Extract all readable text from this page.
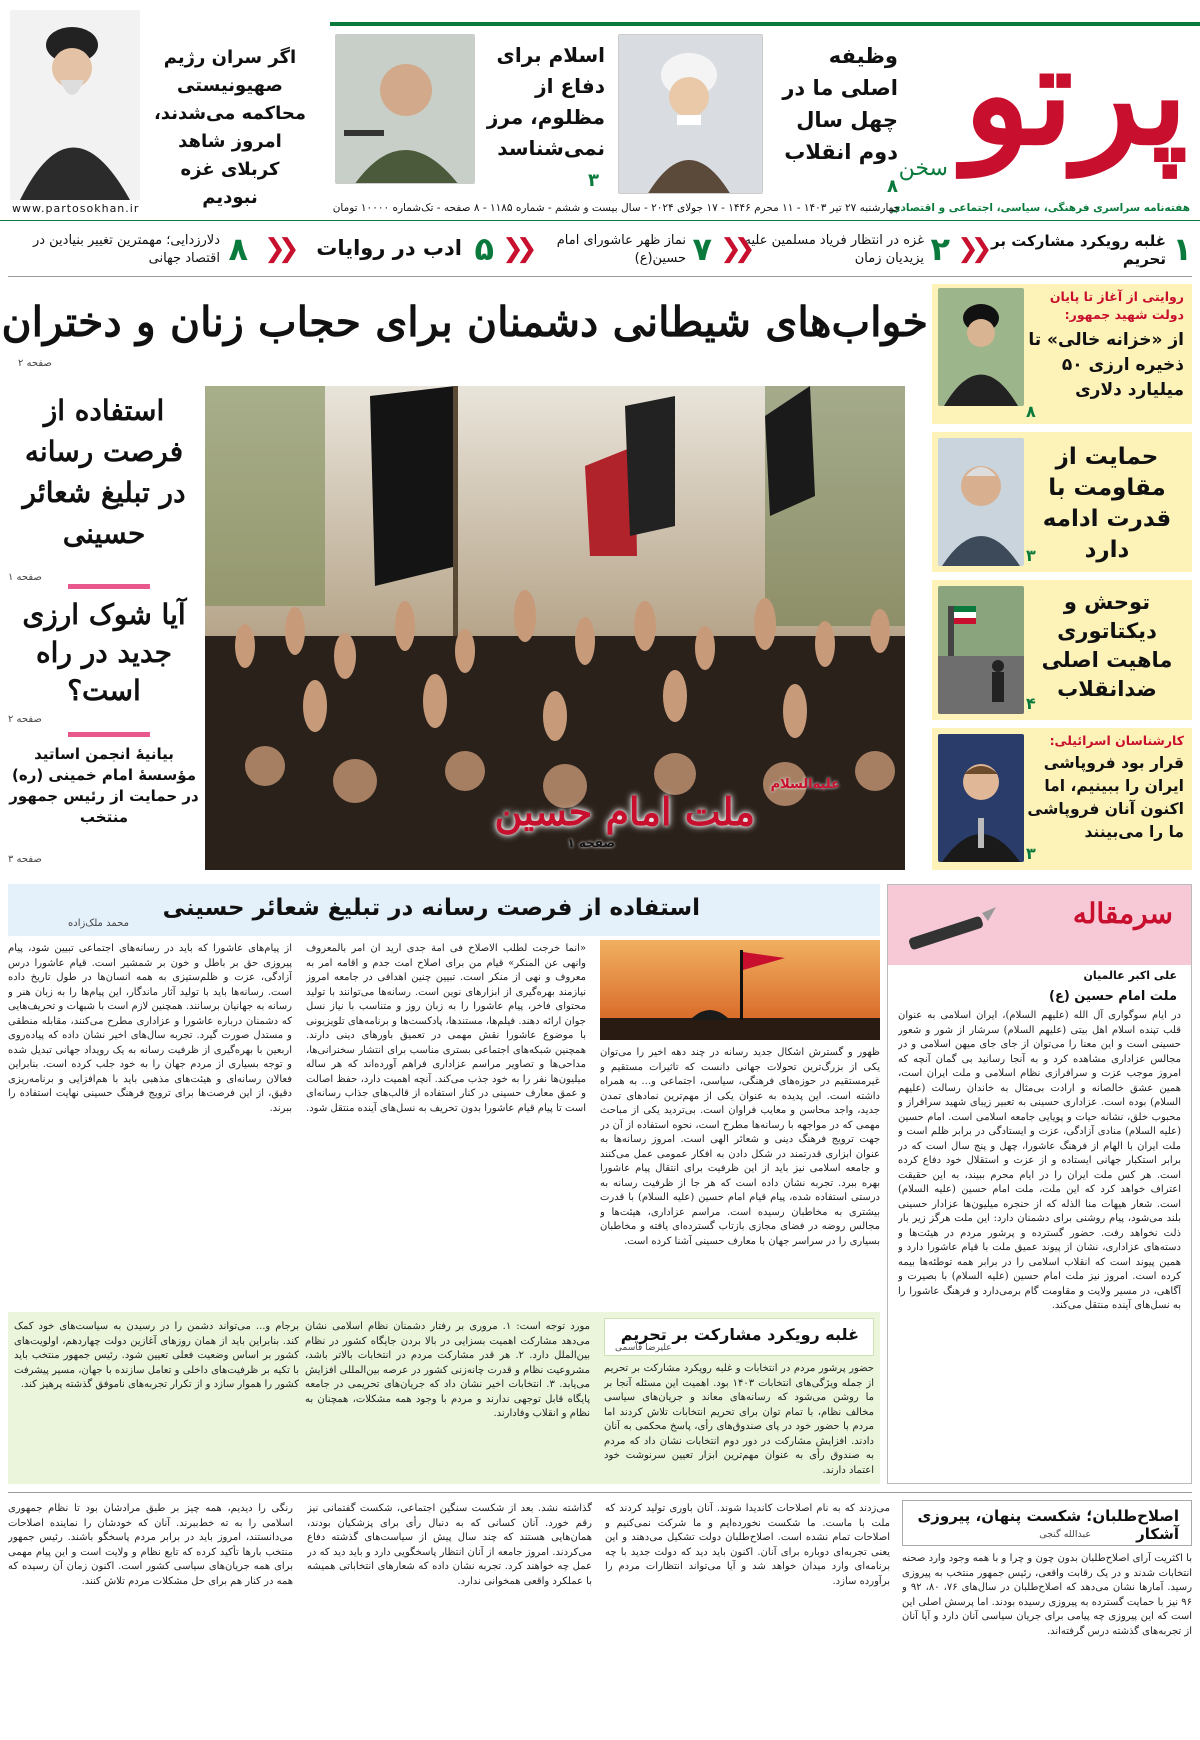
پرتو
سخن
وظیفه اصلی ما در چهل سال دوم انقلاب
۸
اسلام برای دفاع از مظلوم، مرز نمی‌شناسد
۳
اگر سران رژیم صهیونیستی محاکمه می‌شدند، امروز شاهد کربلای غزه نبودیم	هفته‌نامه سراسری فرهنگی، سیاسی، اجتماعی و اقتصادی
چهارشنبه ۲۷ تیر ۱۴۰۳ - ۱۱ محرم ۱۴۴۶ - ۱۷ جولای ۲۰۲۴ - سال بیست و ششم - شماره ۱۱۸۵ - ۸ صفحه - تک‌شماره ۱۰۰۰۰ تومان
www.partosokhan.ir
۱
غلبه رویکرد مشارکت بر تحریم
❮❮
۲
غزه در انتظار فریاد مسلمین علیه یزیدیان زمان
❮❮
۷
نماز ظهر عاشورای امام حسین(ع)
❮❮
۵
ادب در روایات
❮❮
۸
دلارزدایی؛ مهمترین تغییر بنیادین در اقتصاد جهانی
روایتی از آغاز تا پایان دولت شهید جمهور:
از «خزانه خالی» تا ذخیره ارزی ۵۰ میلیارد دلاری
۸
حمایت از مقاومت با قدرت ادامه دارد
۳
توحش و دیکتاتوری ماهیت اصلی ضدانقلاب
۴
کارشناسان اسرائیلی:
قرار بود فروپاشی ایران را ببینیم، اما اکنون آنان فروپاشی ما را می‌بینند
۳
خواب‌های شیطانی دشمنان برای حجاب زنان و دختران
صفحه ۲
ملت امام حسین
علیه‌السلام
صفحه ۱
استفاده از فرصت رسانه در تبلیغ شعائر حسینی
صفحه ۱
آیا شوک ارزی جدید در راه است؟
صفحه ۲
بیانیهٔ انجمن اساتید مؤسسهٔ امام خمینی (ره) در حمایت از رئیس جمهور منتخب
صفحه ۳
سرمقاله
علی اکبر عالمیان
ملت امام حسین (ع)
در ایام سوگواری آل الله (علیهم السلام)، ایران اسلامی به عنوان قلب تپنده اسلام اهل بیتی (علیهم السلام) سرشار از شور و شعور حسینی است و این معنا را می‌توان از جای جای میهن اسلامی و در مجالس عزاداری مشاهده کرد و به آنجا رسانید بی گمان آنچه که امروز موجب عزت و سرافرازی نظام اسلامی و ملت ایران است، همین عشق خالصانه و ارادت بی‌مثال به خاندان رسالت (علیهم السلام) بوده است. عزاداری حسینی به تعبیر زیبای شهید سرافراز و محبوب خلق، نشانه حیات و پویایی جامعه اسلامی است. امام حسین (علیه السلام) منادی آزادگی، عزت و ایستادگی در برابر ظلم است و ملت ایران با الهام از فرهنگ عاشورا، چهل و پنج سال است که در برابر استکبار جهانی ایستاده و از عزت و استقلال خود دفاع کرده است. هر کس ملت ایران را در ایام محرم ببیند، به این حقیقت اعتراف خواهد کرد که این ملت، ملت امام حسین (علیه السلام) است. شعار هیهات منا الذله که از حنجره میلیون‌ها عزادار حسینی بلند می‌شود، پیام روشنی برای دشمنان دارد: این ملت هرگز زیر بار ذلت نخواهد رفت. حضور گسترده و پرشور مردم در هیئت‌ها و دسته‌های عزاداری، نشان از پیوند عمیق ملت با قیام عاشورا دارد و همین پیوند است که انقلاب اسلامی را در برابر همه توطئه‌ها بیمه کرده است. امروز نیز ملت امام حسین (علیه السلام) با بصیرت و آگاهی، در مسیر ولایت و مقاومت گام برمی‌دارد و فرهنگ عاشورا را به نسل‌های آینده منتقل می‌کند.
استفاده از فرصت رسانه در تبلیغ شعائر حسینی
محمد ملک‌زاده
ظهور و گسترش اشکال جدید رسانه در چند دهه اخیر را می‌توان یکی از بزرگ‌ترین تحولات جهانی دانست که تاثیرات مستقیم و غیرمستقیم در حوزه‌های فرهنگی، سیاسی، اجتماعی و... به همراه داشته است. این پدیده به عنوان یکی از مهم‌ترین نمادهای تمدن جدید، واجد محاسن و معایب فراوان است. بی‌تردید یکی از مباحث مهمی که در مواجهه با رسانه‌ها مطرح است، نحوه استفاده از آن در جهت ترویج فرهنگ دینی و شعائر الهی است. امروز رسانه‌ها به عنوان ابزاری قدرتمند در شکل دادن به افکار عمومی عمل می‌کنند و جامعه اسلامی نیز باید از این ظرفیت برای انتقال پیام عاشورا بهره ببرد. تجربه نشان داده است که هر جا از ظرفیت رسانه به درستی استفاده شده، پیام قیام امام حسین (علیه السلام) با قدرت بیشتری به مخاطبان رسیده است. مراسم عزاداری، هیئت‌ها و مجالس روضه در فضای مجازی بازتاب گسترده‌ای یافته و مخاطبان بسیاری را در سراسر جهان با معارف حسینی آشنا کرده است.
«انما خرجت لطلب الاصلاح فی امة جدی ارید ان امر بالمعروف وانهی عن المنکر» قیام من برای اصلاح امت جدم و اقامه امر به معروف و نهی از منکر است. تبیین چنین اهدافی در جامعه امروز نیازمند بهره‌گیری از ابزارهای نوین است. رسانه‌ها می‌توانند با تولید محتوای فاخر، پیام عاشورا را به زبان روز و متناسب با نیاز نسل جوان ارائه دهند. فیلم‌ها، مستندها، پادکست‌ها و برنامه‌های تلویزیونی با موضوع عاشورا نقش مهمی در تعمیق باورهای دینی دارند. همچنین شبکه‌های اجتماعی بستری مناسب برای انتشار سخنرانی‌ها، مداحی‌ها و تصاویر مراسم عزاداری فراهم آورده‌اند که هر ساله میلیون‌ها نفر را به خود جذب می‌کند. آنچه اهمیت دارد، حفظ اصالت و عمق معارف حسینی در کنار استفاده از قالب‌های جذاب رسانه‌ای است تا پیام قیام عاشورا بدون تحریف به نسل‌های آینده منتقل شود.
از پیام‌های عاشورا که باید در رسانه‌های اجتماعی تبیین شود، پیام پیروزی حق بر باطل و خون بر شمشیر است. قیام عاشورا درس آزادگی، عزت و ظلم‌ستیزی به همه انسان‌ها در طول تاریخ داده است. رسانه‌ها باید با تولید آثار ماندگار، این پیام‌ها را به زبان هنر و رسانه به جهانیان برسانند. همچنین لازم است با شبهات و تحریف‌هایی که دشمنان درباره عاشورا و عزاداری مطرح می‌کنند، مقابله منطقی و مستدل صورت گیرد. تجربه سال‌های اخیر نشان داده که پیاده‌روی اربعین با بهره‌گیری از ظرفیت رسانه به یک رویداد جهانی تبدیل شده و توجه بسیاری از مردم جهان را به خود جلب کرده است. بنابراین فعالان رسانه‌ای و هیئت‌های مذهبی باید با هم‌افزایی و برنامه‌ریزی دقیق، از این فرصت‌ها برای ترویج فرهنگ حسینی نهایت استفاده را ببرند.
غلبه رویکرد مشارکت بر تحریم
علیرضا قاسمی
حضور پرشور مردم در انتخابات و غلبه رویکرد مشارکت بر تحریم از جمله ویژگی‌های انتخابات ۱۴۰۳ بود. اهمیت این مسئله آنجا بر ما روشن می‌شود که رسانه‌های معاند و جریان‌های سیاسی مخالف نظام، با تمام توان برای تحریم انتخابات تلاش کردند اما مردم با حضور خود در پای صندوق‌های رأی، پاسخ محکمی به آنان دادند. افزایش مشارکت در دور دوم انتخابات نشان داد که مردم به صندوق رأی به عنوان مهم‌ترین ابزار تعیین سرنوشت خود اعتماد دارند.
مورد توجه است: ۱. مروری بر رفتار دشمنان نظام اسلامی نشان می‌دهد مشارکت اهمیت بسزایی در بالا بردن جایگاه کشور در نظام بین‌الملل دارد. ۲. هر قدر مشارکت مردم در انتخابات بالاتر باشد، مشروعیت نظام و قدرت چانه‌زنی کشور در عرصه بین‌المللی افزایش می‌یابد. ۳. انتخابات اخیر نشان داد که جریان‌های تحریمی در جامعه پایگاه قابل توجهی ندارند و مردم با وجود همه مشکلات، همچنان به نظام و انقلاب وفادارند.
برجام و... می‌تواند دشمن را در رسیدن به سیاست‌های خود کمک کند. بنابراین باید از همان روزهای آغازین دولت چهاردهم، اولویت‌های کشور بر اساس وضعیت فعلی تعیین شود. رئیس جمهور منتخب باید با تکیه بر ظرفیت‌های داخلی و تعامل سازنده با جهان، مسیر پیشرفت کشور را هموار سازد و از تکرار تجربه‌های ناموفق گذشته پرهیز کند.
اصلاح‌طلبان؛ شکست پنهان، پیروزی آشکار
عبدالله گنجی
با اکثریت آرای اصلاح‌طلبان بدون چون و چرا و با همه وجود وارد صحنه انتخابات شدند و در یک رقابت واقعی، رئیس جمهور منتخب به پیروزی رسید. آمارها نشان می‌دهد که اصلاح‌طلبان در سال‌های ۷۶، ۸۰، ۹۲ و ۹۶ نیز با حمایت گسترده به پیروزی رسیده بودند. اما پرسش اصلی این است که این پیروزی چه پیامی برای جریان سیاسی آنان دارد و آیا آنان از تجربه‌های گذشته درس گرفته‌اند.
می‌زدند که به نام اصلاحات کاندیدا شوند. آنان باوری تولید کردند که ملت با ماست. ما شکست نخورده‌ایم و ما شرکت نمی‌کنیم و اصلاحات تمام نشده است. اصلاح‌طلبان دولت تشکیل می‌دهند و این یعنی تجربه‌ای دوباره برای آنان. اکنون باید دید که دولت جدید با چه برنامه‌ای وارد میدان خواهد شد و آیا می‌تواند انتظارات مردم را برآورده سازد.
گذاشته نشد. بعد از شکست سنگین اجتماعی، شکست گفتمانی نیز رقم خورد. آنان کسانی که به دنبال رأی برای پزشکیان بودند، همان‌هایی هستند که چند سال پیش از سیاست‌های گذشته دفاع می‌کردند. امروز جامعه از آنان انتظار پاسخگویی دارد و باید دید که در عمل چه خواهند کرد. تجربه نشان داده که شعارهای انتخاباتی همیشه با عملکرد واقعی همخوانی ندارد.
رنگی را دیدیم، همه چیز بر طبق مرادشان بود تا نظام جمهوری اسلامی را به ته خط‌ببرند. آنان که خودشان را نماینده اصلاحات می‌دانستند، امروز باید در برابر مردم پاسخگو باشند. رئیس جمهور منتخب بارها تأکید کرده که تابع نظام و ولایت است و این پیام مهمی برای همه جریان‌های سیاسی کشور است. اکنون زمان آن رسیده که همه در کنار هم برای حل مشکلات مردم تلاش کنند.
